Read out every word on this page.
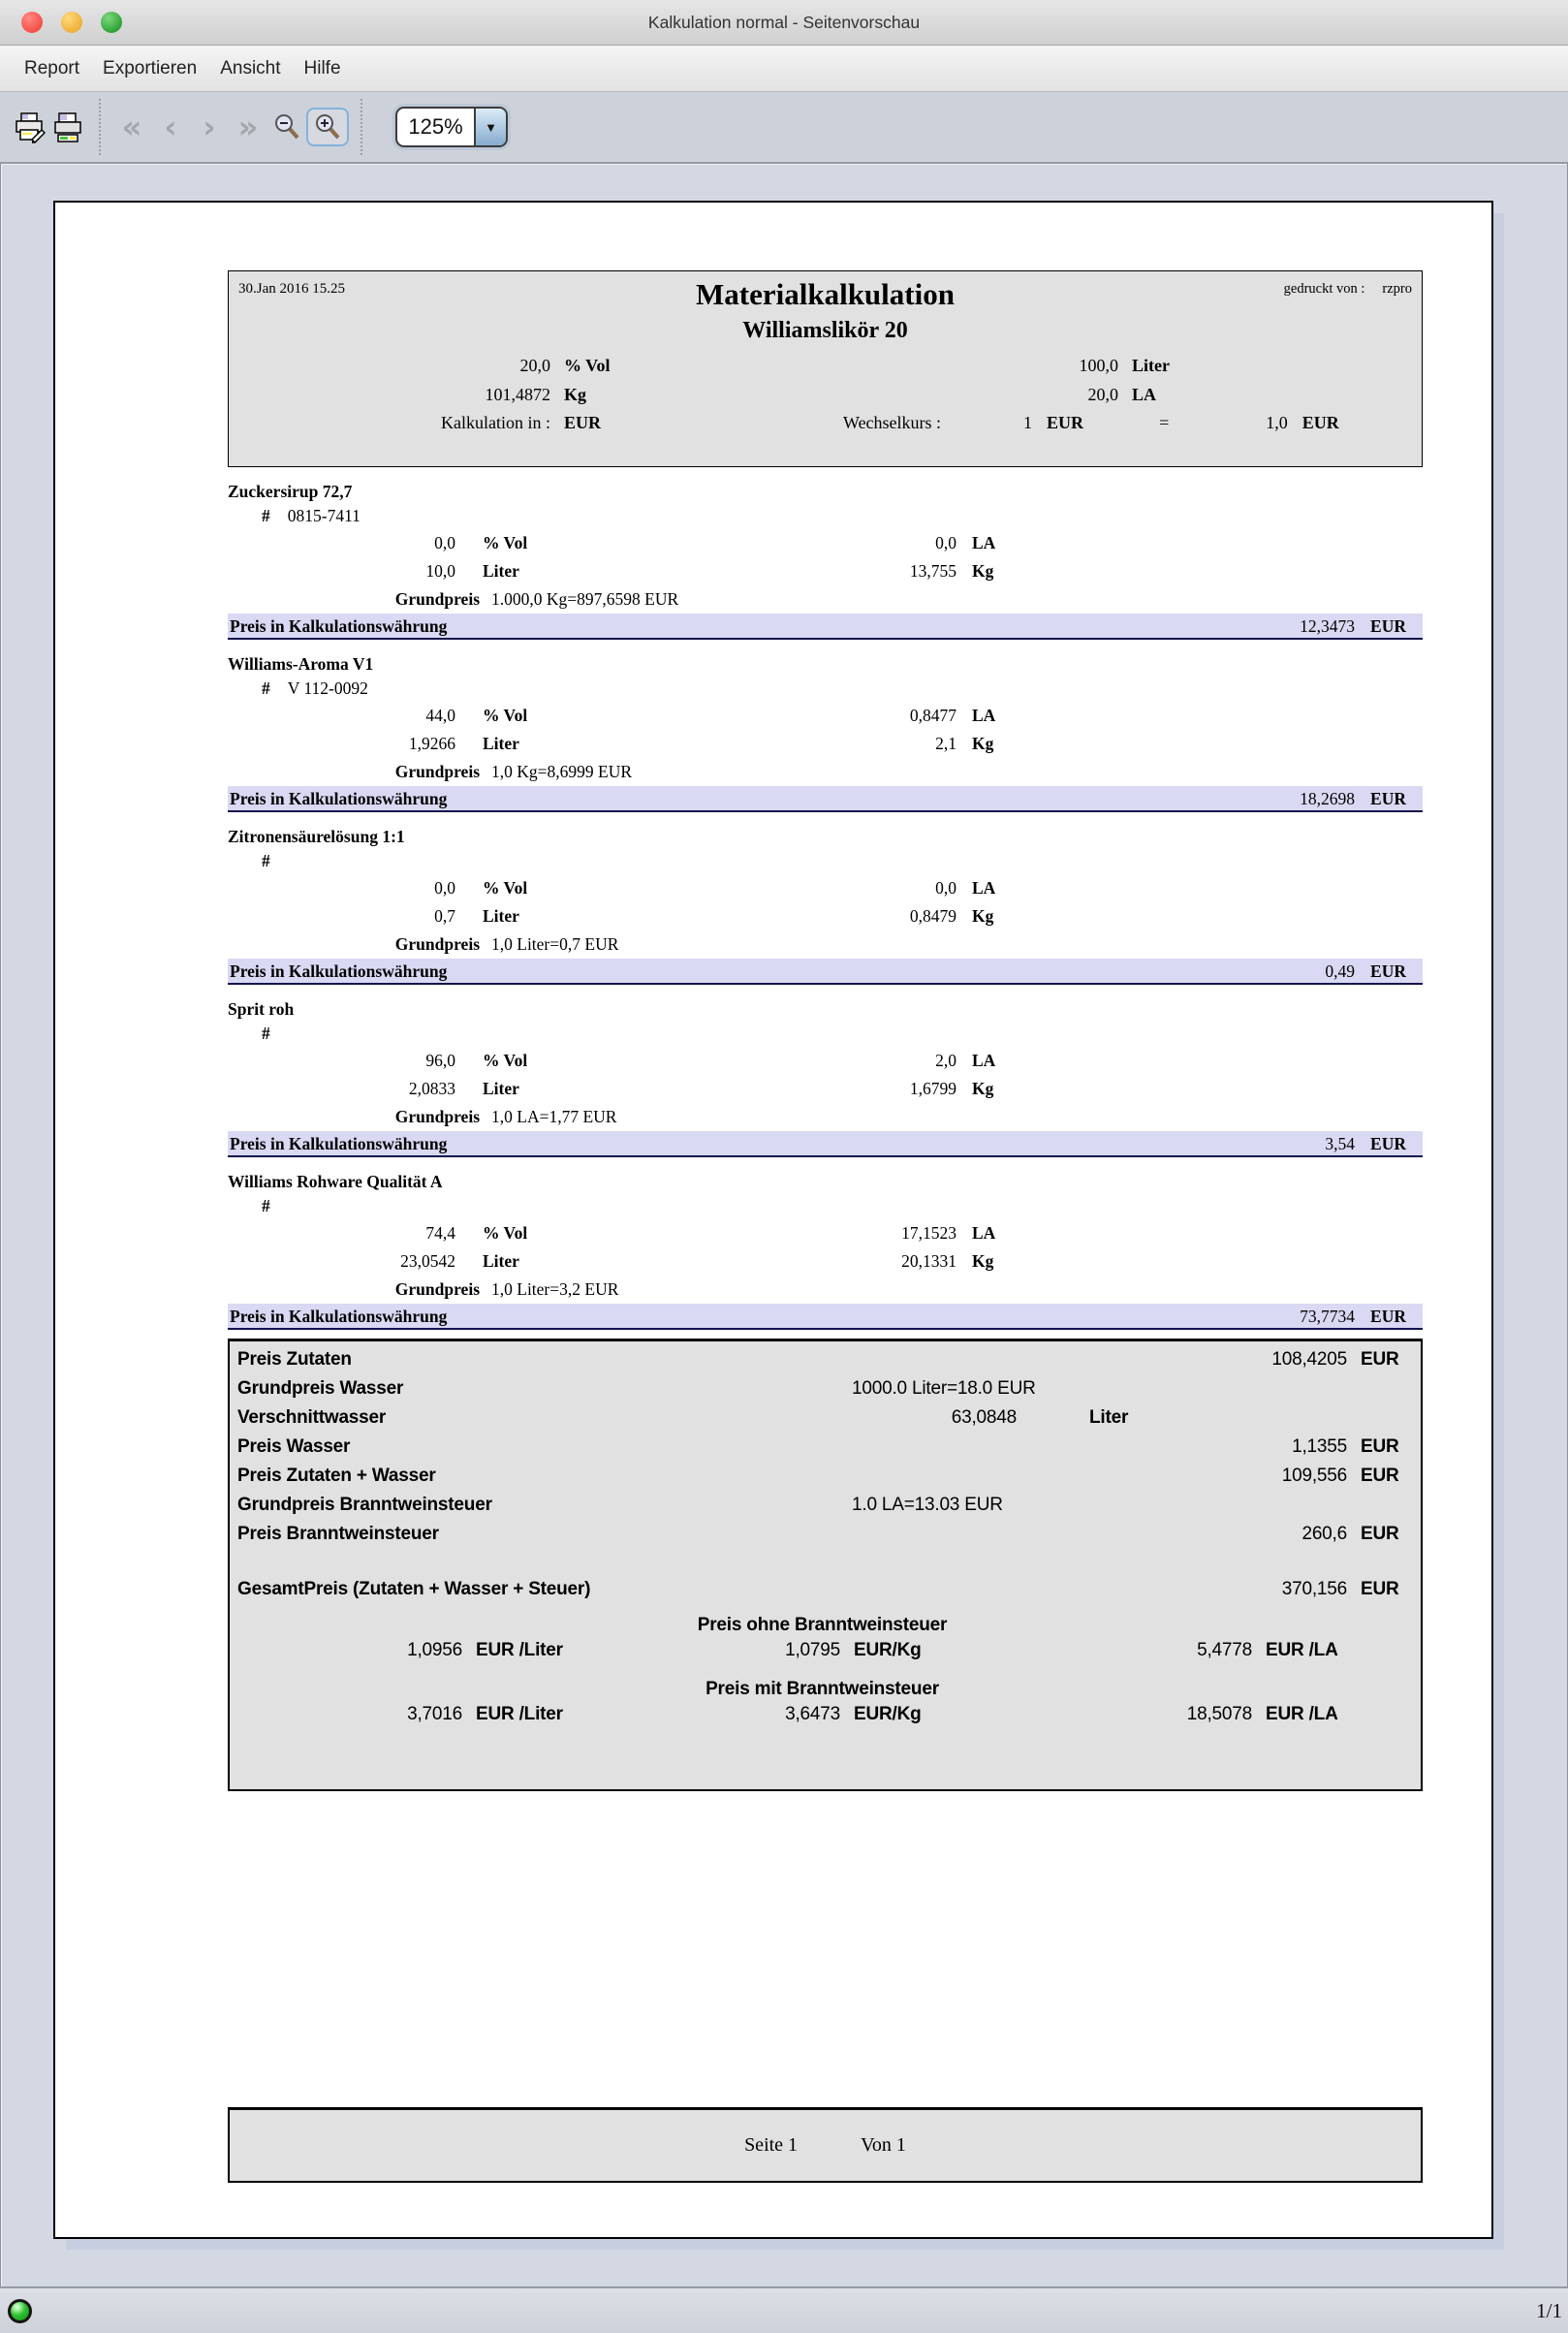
Kalkulation normal - Seitenvorschau
Report	Exportieren	Ansicht	Hilfe
« ‹ › »	125%	▼
30.Jan 2016 15.25	Materialkalkulation	gedruckt von : rzpro
Williamslikör 20
20,0 % Vol	100,0 Liter
101,4872 Kg	20,0 LA
Kalkulation in : EUR	Wechselkurs :	1 EUR	=	1,0 EUR
Zuckersirup 72,7
# 0815-7411
0,0 % Vol	0,0 LA
10,0 Liter	13,755 Kg
Grundpreis 1.000,0 Kg=897,6598 EUR
Preis in Kalkulationswährung	12,3473 EUR
Williams-Aroma V1
# V 112-0092
44,0 % Vol	0,8477 LA
1,9266 Liter	2,1 Kg
Grundpreis 1,0 Kg=8,6999 EUR
Preis in Kalkulationswährung	18,2698 EUR
Zitronensäurelösung 1:1
#
0,0 % Vol	0,0 LA
0,7 Liter	0,8479 Kg
Grundpreis 1,0 Liter=0,7 EUR
Preis in Kalkulationswährung	0,49 EUR
Sprit roh
#
96,0 % Vol	2,0 LA
2,0833 Liter	1,6799 Kg
Grundpreis 1,0 LA=1,77 EUR
Preis in Kalkulationswährung	3,54 EUR
Williams Rohware Qualität A
#
74,4 % Vol	17,1523 LA
23,0542 Liter	20,1331 Kg
Grundpreis 1,0 Liter=3,2 EUR
Preis in Kalkulationswährung	73,7734 EUR
Preis Zutaten	108,4205 EUR
Grundpreis Wasser	1000.0 Liter=18.0 EUR
Verschnittwasser	63,0848	Liter
Preis Wasser	1,1355 EUR
Preis Zutaten + Wasser	109,556 EUR
Grundpreis Branntweinsteuer	1.0 LA=13.03 EUR
Preis Branntweinsteuer	260,6 EUR
GesamtPreis (Zutaten + Wasser + Steuer)	370,156 EUR
Preis ohne Branntweinsteuer
1,0956 EUR /Liter	1,0795 EUR/Kg	5,4778 EUR /LA
Preis mit Branntweinsteuer
3,7016 EUR /Liter	3,6473 EUR/Kg	18,5078 EUR /LA
Seite 1	Von 1
1/1
